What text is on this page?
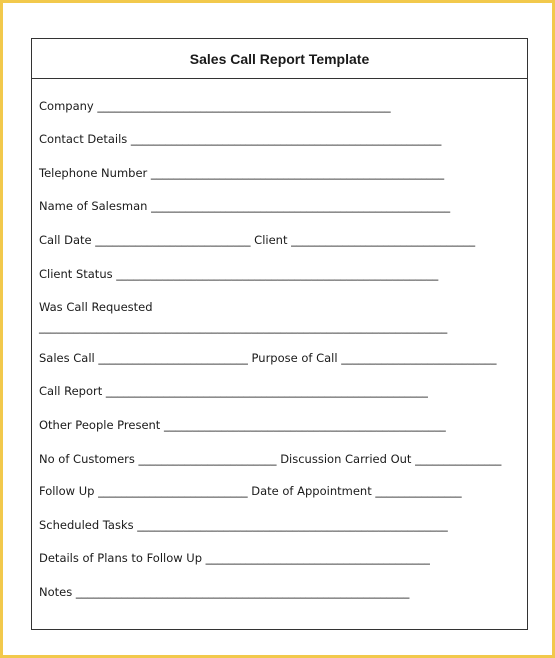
Sales Call Report Template
Company ___________________________________________________
Contact Details ______________________________________________________
Telephone Number ___________________________________________________
Name of Salesman ____________________________________________________
Call Date ___________________________ Client ________________________________
Client Status ________________________________________________________
Was Call Requested
_______________________________________________________________________
Sales Call __________________________ Purpose of Call ___________________________
Call Report ________________________________________________________
Other People Present _________________________________________________
No of Customers ________________________ Discussion Carried Out _______________
Follow Up __________________________ Date of Appointment _______________
Scheduled Tasks ______________________________________________________
Details of Plans to Follow Up _______________________________________
Notes __________________________________________________________
